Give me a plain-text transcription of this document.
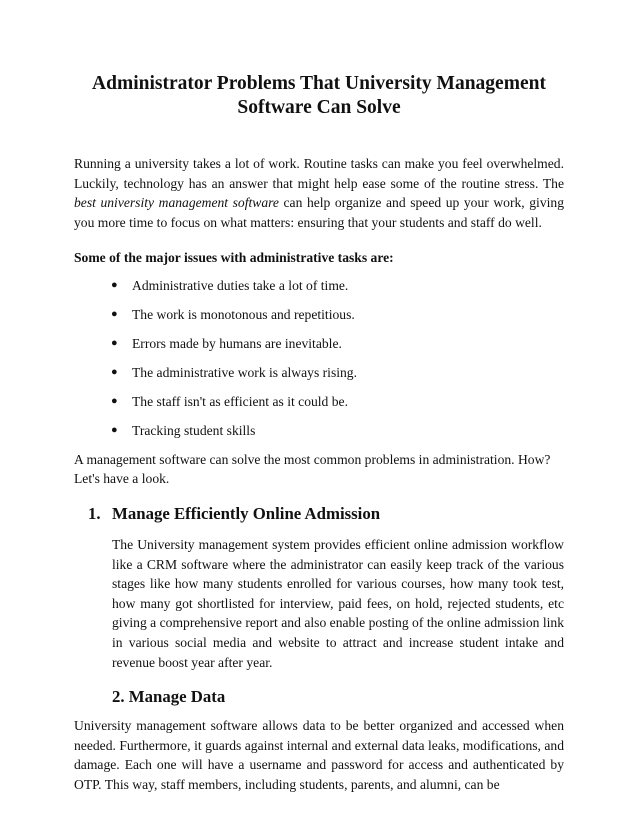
Administrator Problems That University Management Software Can Solve

Running a university takes a lot of work. Routine tasks can make you feel overwhelmed. Luckily, technology has an answer that might help ease some of the routine stress. The best university management software can help organize and speed up your work, giving you more time to focus on what matters: ensuring that your students and staff do well.

Some of the major issues with administrative tasks are:

● Administrative duties take a lot of time.
● The work is monotonous and repetitious.
● Errors made by humans are inevitable.
● The administrative work is always rising.
● The staff isn't as efficient as it could be.
● Tracking student skills

A management software can solve the most common problems in administration. How? Let's have a look.

1. Manage Efficiently Online Admission

The University management system provides efficient online admission workflow like a CRM software where the administrator can easily keep track of the various stages like how many students enrolled for various courses, how many took test, how many got shortlisted for interview, paid fees, on hold, rejected students, etc giving a comprehensive report and also enable posting of the online admission link in various social media and website to attract and increase student intake and revenue boost year after year.

2. Manage Data

University management software allows data to be better organized and accessed when needed. Furthermore, it guards against internal and external data leaks, modifications, and damage. Each one will have a username and password for access and authenticated by OTP. This way, staff members, including students, parents, and alumni, can be
